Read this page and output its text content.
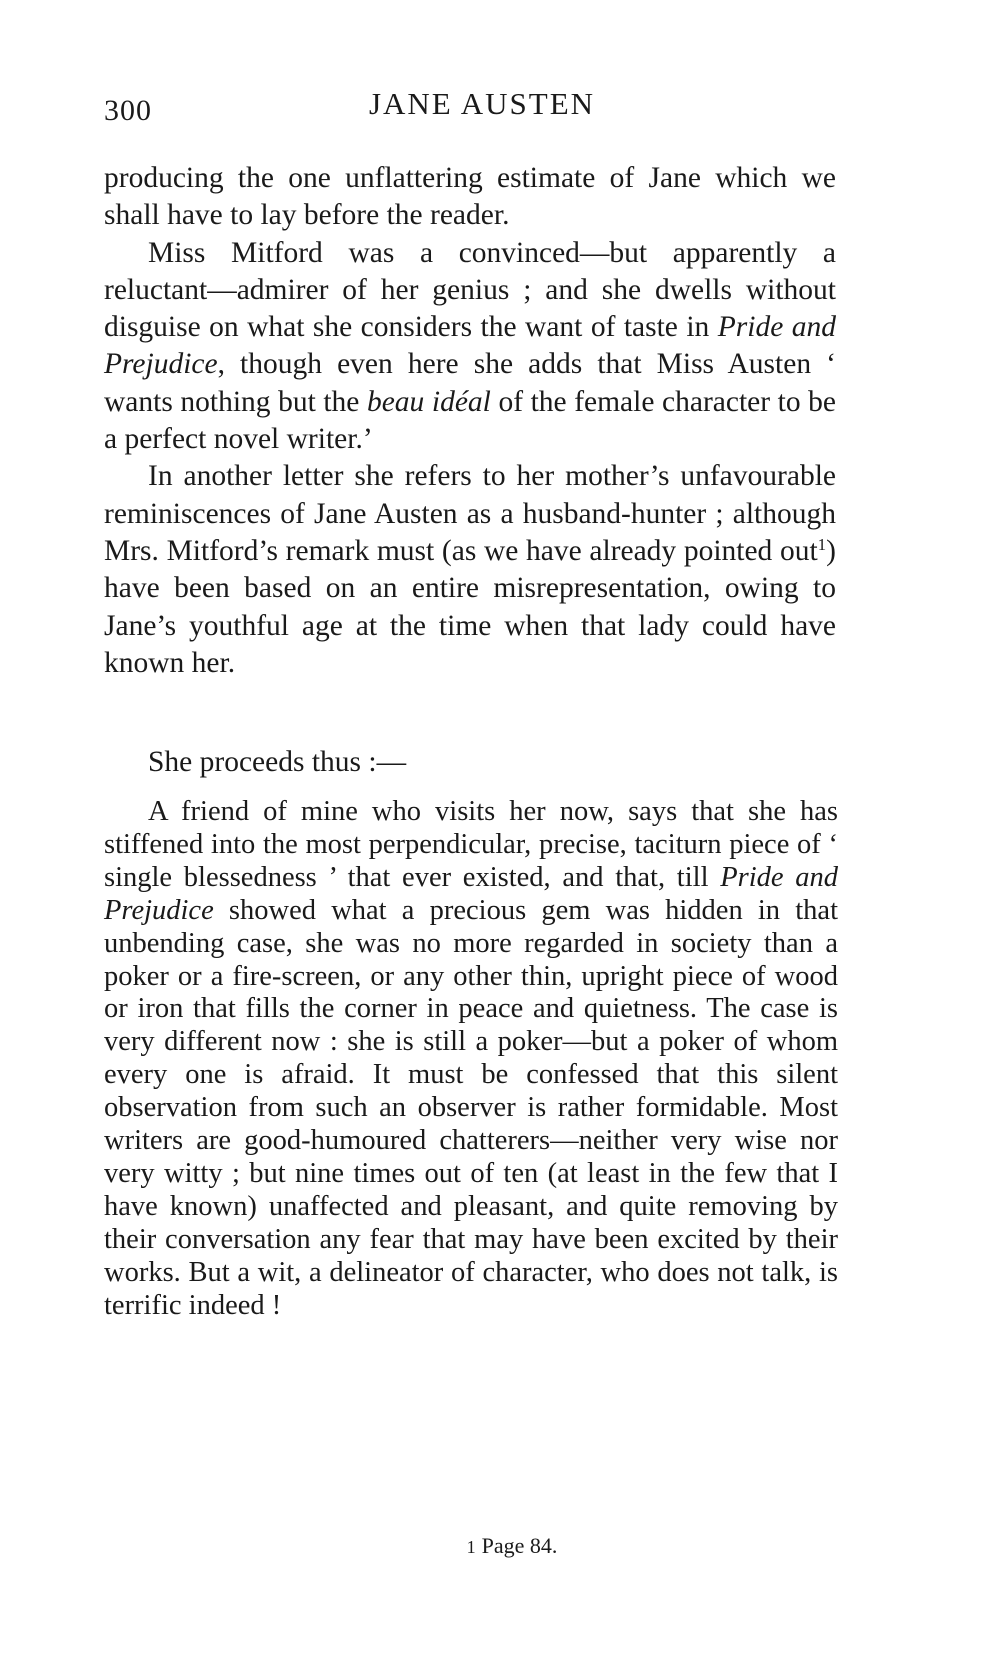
300	JANE AUSTEN

producing the one unflattering estimate of Jane which we shall have to lay before the reader.

Miss Mitford was a convinced—but apparently a reluctant—admirer of her genius ; and she dwells without disguise on what she considers the want of taste in Pride and Prejudice, though even here she adds that Miss Austen ‘ wants nothing but the beau idéal of the female character to be a perfect novel writer.’

In another letter she refers to her mother’s unfavourable reminiscences of Jane Austen as a husband-hunter ; although Mrs. Mitford’s remark must (as we have already pointed out$^1$) have been based on an entire misrepresentation, owing to Jane’s youthful age at the time when that lady could have known her.

She proceeds thus :—

A friend of mine who visits her now, says that she has stiffened into the most perpendicular, precise, taciturn piece of ‘ single blessedness ’ that ever existed, and that, till Pride and Prejudice showed what a precious gem was hidden in that unbending case, she was no more regarded in society than a poker or a fire-screen, or any other thin, upright piece of wood or iron that fills the corner in peace and quietness. The case is very different now : she is still a poker—but a poker of whom every one is afraid. It must be confessed that this silent observation from such an observer is rather formidable. Most writers are good-humoured chatterers—neither very wise nor very witty ; but nine times out of ten (at least in the few that I have known) unaffected and pleasant, and quite removing by their conversation any fear that may have been excited by their works. But a wit, a delineator of character, who does not talk, is terrific indeed !

1 Page 84.
